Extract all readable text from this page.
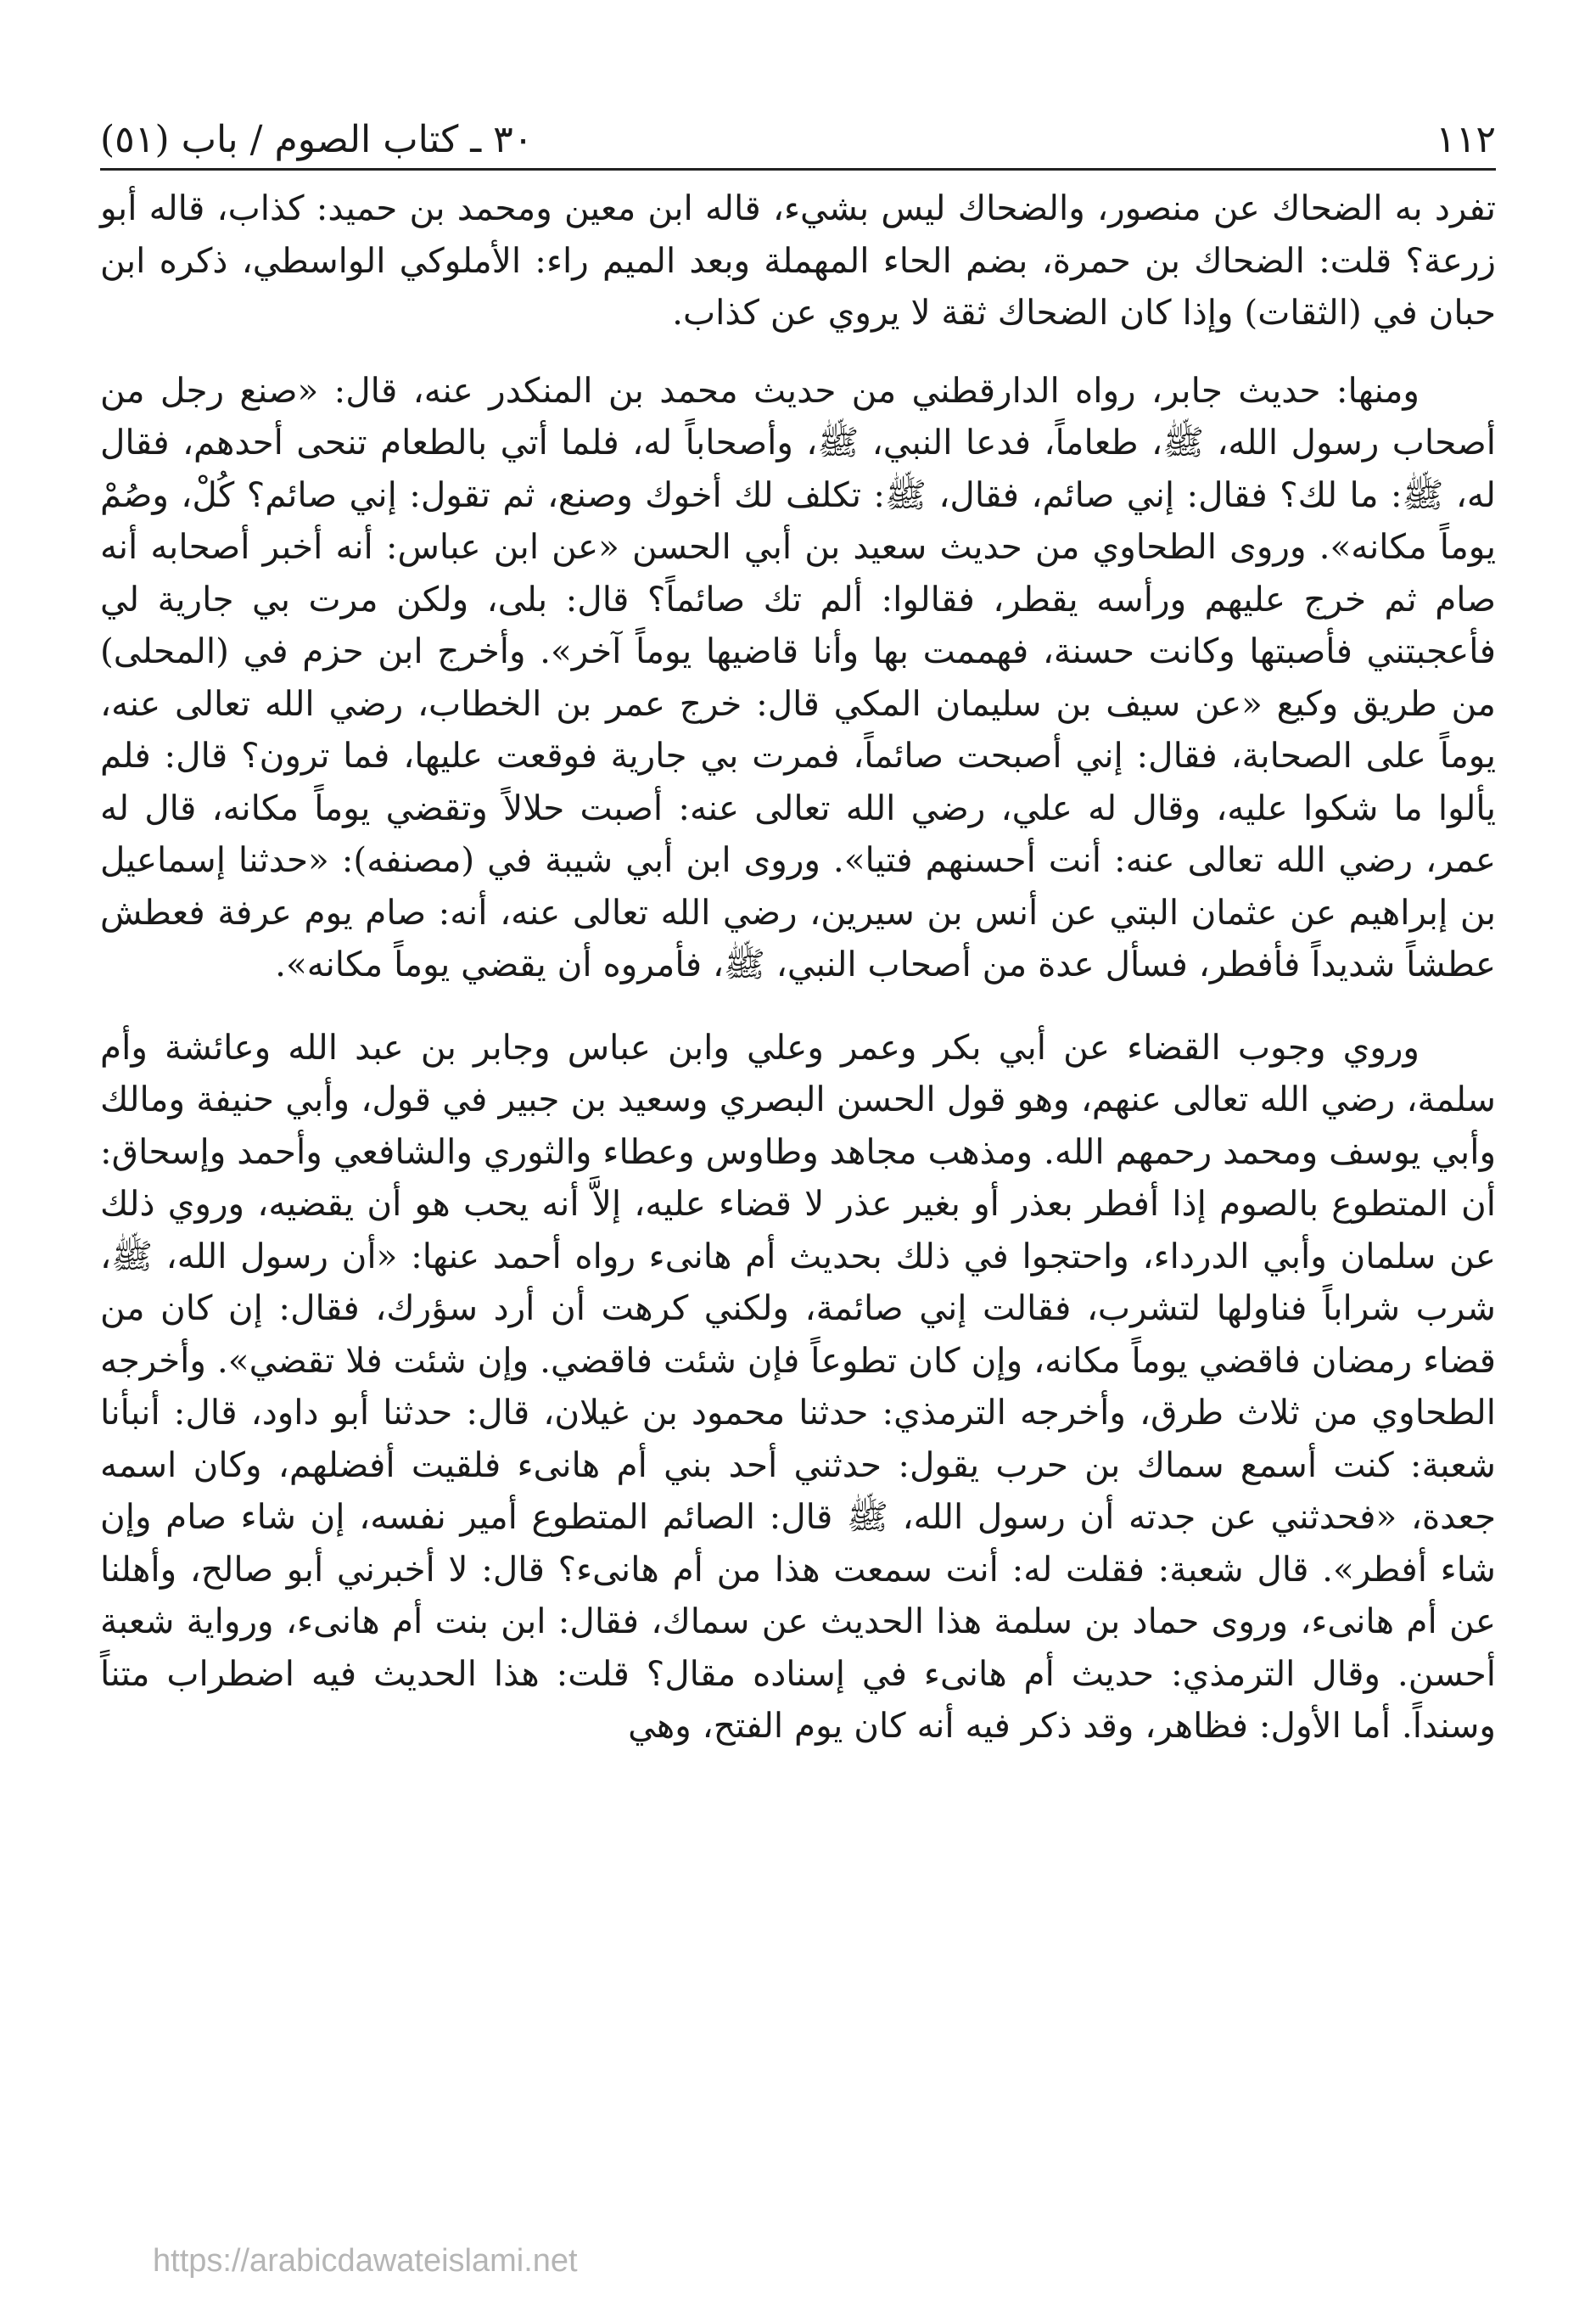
١١٢
٣٠ ـ كتاب الصوم / باب (٥١)

تفرد به الضحاك عن منصور، والضحاك ليس بشيء، قاله ابن معين ومحمد بن حميد: كذاب، قاله أبو زرعة؟ قلت: الضحاك بن حمرة، بضم الحاء المهملة وبعد الميم راء: الأملوكي الواسطي، ذكره ابن حبان في (الثقات) وإذا كان الضحاك ثقة لا يروي عن كذاب.

ومنها: حديث جابر، رواه الدارقطني من حديث محمد بن المنكدر عنه، قال: «صنع رجل من أصحاب رسول الله، ﷺ، طعاماً، فدعا النبي، ﷺ، وأصحاباً له، فلما أتي بالطعام تنحى أحدهم، فقال له، ﷺ: ما لك؟ فقال: إني صائم، فقال، ﷺ: تكلف لك أخوك وصنع، ثم تقول: إني صائم؟ كُلْ، وصُمْ يوماً مكانه». وروى الطحاوي من حديث سعيد بن أبي الحسن «عن ابن عباس: أنه أخبر أصحابه أنه صام ثم خرج عليهم ورأسه يقطر، فقالوا: ألم تك صائماً؟ قال: بلى، ولكن مرت بي جارية لي فأعجبتني فأصبتها وكانت حسنة، فهممت بها وأنا قاضيها يوماً آخر». وأخرج ابن حزم في (المحلى) من طريق وكيع «عن سيف بن سليمان المكي قال: خرج عمر بن الخطاب، رضي الله تعالى عنه، يوماً على الصحابة، فقال: إني أصبحت صائماً، فمرت بي جارية فوقعت عليها، فما ترون؟ قال: فلم يألوا ما شكوا عليه، وقال له علي، رضي الله تعالى عنه: أصبت حلالاً وتقضي يوماً مكانه، قال له عمر، رضي الله تعالى عنه: أنت أحسنهم فتيا». وروى ابن أبي شيبة في (مصنفه): «حدثنا إسماعيل بن إبراهيم عن عثمان البتي عن أنس بن سيرين، رضي الله تعالى عنه، أنه: صام يوم عرفة فعطش عطشاً شديداً فأفطر، فسأل عدة من أصحاب النبي، ﷺ، فأمروه أن يقضي يوماً مكانه».

وروي وجوب القضاء عن أبي بكر وعمر وعلي وابن عباس وجابر بن عبد الله وعائشة وأم سلمة، رضي الله تعالى عنهم، وهو قول الحسن البصري وسعيد بن جبير في قول، وأبي حنيفة ومالك وأبي يوسف ومحمد رحمهم الله. ومذهب مجاهد وطاوس وعطاء والثوري والشافعي وأحمد وإسحاق: أن المتطوع بالصوم إذا أفطر بعذر أو بغير عذر لا قضاء عليه، إلاَّ أنه يحب هو أن يقضيه، وروي ذلك عن سلمان وأبي الدرداء، واحتجوا في ذلك بحديث أم هانىء رواه أحمد عنها: «أن رسول الله، ﷺ، شرب شراباً فناولها لتشرب، فقالت إني صائمة، ولكني كرهت أن أرد سؤرك، فقال: إن كان من قضاء رمضان فاقضي يوماً مكانه، وإن كان تطوعاً فإن شئت فاقضي. وإن شئت فلا تقضي». وأخرجه الطحاوي من ثلاث طرق، وأخرجه الترمذي: حدثنا محمود بن غيلان، قال: حدثنا أبو داود، قال: أنبأنا شعبة: كنت أسمع سماك بن حرب يقول: حدثني أحد بني أم هانىء فلقيت أفضلهم، وكان اسمه جعدة، «فحدثني عن جدته أن رسول الله، ﷺ قال: الصائم المتطوع أمير نفسه، إن شاء صام وإن شاء أفطر». قال شعبة: فقلت له: أنت سمعت هذا من أم هانىء؟ قال: لا أخبرني أبو صالح، وأهلنا عن أم هانىء، وروى حماد بن سلمة هذا الحديث عن سماك، فقال: ابن بنت أم هانىء، ورواية شعبة أحسن. وقال الترمذي: حديث أم هانىء في إسناده مقال؟ قلت: هذا الحديث فيه اضطراب متناً وسنداً. أما الأول: فظاهر، وقد ذكر فيه أنه كان يوم الفتح، وهي

https://arabicdawateislami.net
